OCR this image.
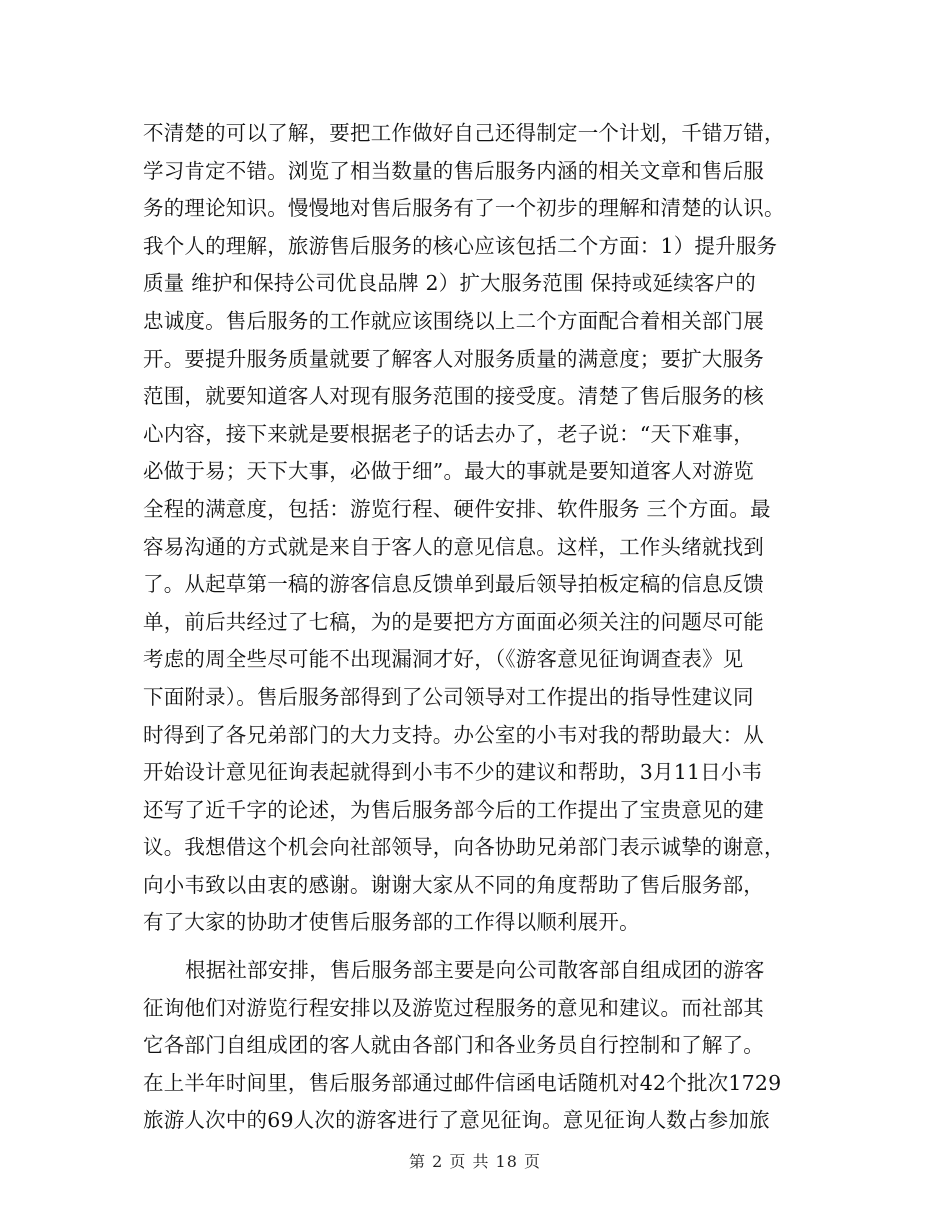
不清楚的可以了解，要把工作做好自己还得制定一个计划，千错万错，
学习肯定不错。浏览了相当数量的售后服务内涵的相关文章和售后服
务的理论知识。慢慢地对售后服务有了一个初步的理解和清楚的认识。
我个人的理解，旅游售后服务的核心应该包括二个方面：1）提升服务
质量 维护和保持公司优良品牌 2）扩大服务范围 保持或延续客户的
忠诚度。售后服务的工作就应该围绕以上二个方面配合着相关部门展
开。要提升服务质量就要了解客人对服务质量的满意度；要扩大服务
范围，就要知道客人对现有服务范围的接受度。清楚了售后服务的核
心内容，接下来就是要根据老子的话去办了，老子说：“天下难事，
必做于易；天下大事，必做于细”。最大的事就是要知道客人对游览
全程的满意度，包括：游览行程、硬件安排、软件服务 三个方面。最
容易沟通的方式就是来自于客人的意见信息。这样，工作头绪就找到
了。从起草第一稿的游客信息反馈单到最后领导拍板定稿的信息反馈
单，前后共经过了七稿，为的是要把方方面面必须关注的问题尽可能
考虑的周全些尽可能不出现漏洞才好，（《游客意见征询调查表》见
下面附录）。售后服务部得到了公司领导对工作提出的指导性建议同
时得到了各兄弟部门的大力支持。办公室的小韦对我的帮助最大：从
开始设计意见征询表起就得到小韦不少的建议和帮助，3月11日小韦
还写了近千字的论述，为售后服务部今后的工作提出了宝贵意见的建
议。我想借这个机会向社部领导，向各协助兄弟部门表示诚挚的谢意，
向小韦致以由衷的感谢。谢谢大家从不同的角度帮助了售后服务部，
有了大家的协助才使售后服务部的工作得以顺利展开。
根据社部安排，售后服务部主要是向公司散客部自组成团的游客
征询他们对游览行程安排以及游览过程服务的意见和建议。而社部其
它各部门自组成团的客人就由各部门和各业务员自行控制和了解了。
在上半年时间里，售后服务部通过邮件信函电话随机对42个批次1729
旅游人次中的69人次的游客进行了意见征询。意见征询人数占参加旅
第 2 页 共 18 页
